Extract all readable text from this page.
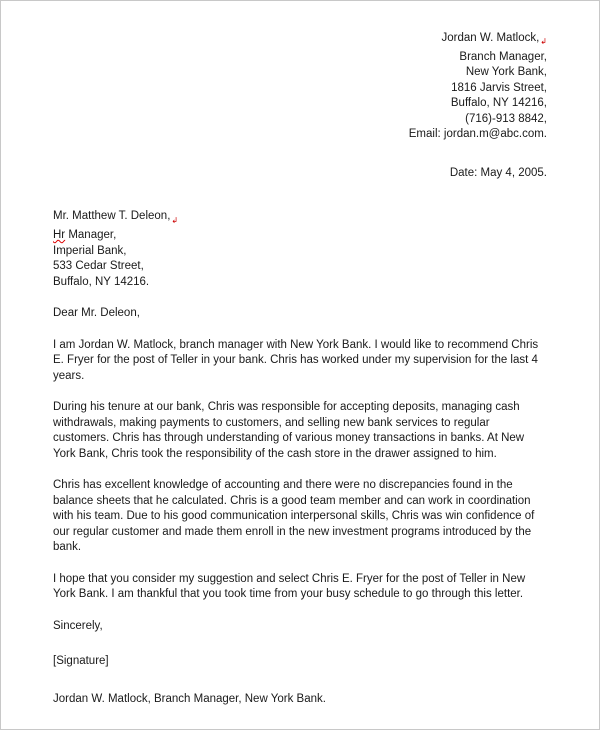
Jordan W. $Matlock,_↲$
Branch Manager,
New York Bank,
1816 Jarvis Street,
Buffalo, NY 14216,
(716)-913 8842,
Email: jordan.m@abc.com.
Date: May 4, 2005.
Mr. Matthew T. $Deleon,_↲$
Hr Manager,
Imperial Bank,
533 Cedar Street,
Buffalo, NY 14216.
Dear Mr. Deleon,

I am Jordan W. Matlock, branch manager with New York Bank. I would like to recommend Chris E. Fryer for the post of Teller in your bank. Chris has worked under my supervision for the last 4 years.

During his tenure at our bank, Chris was responsible for accepting deposits, managing cash withdrawals, making payments to customers, and selling new bank services to regular customers. Chris has through understanding of various money transactions in banks. At New York Bank, Chris took the responsibility of the cash store in the drawer assigned to him.

Chris has excellent knowledge of accounting and there were no discrepancies found in the balance sheets that he calculated. Chris is a good team member and can work in coordination with his team. Due to his good communication interpersonal skills, Chris was win confidence of our regular customer and made them enroll in the new investment programs introduced by the bank.

I hope that you consider my suggestion and select Chris E. Fryer for the post of Teller in New York Bank. I am thankful that you took time from your busy schedule to go through this letter.

Sincerely,
[Signature]
Jordan W. Matlock, Branch Manager, New York Bank.
